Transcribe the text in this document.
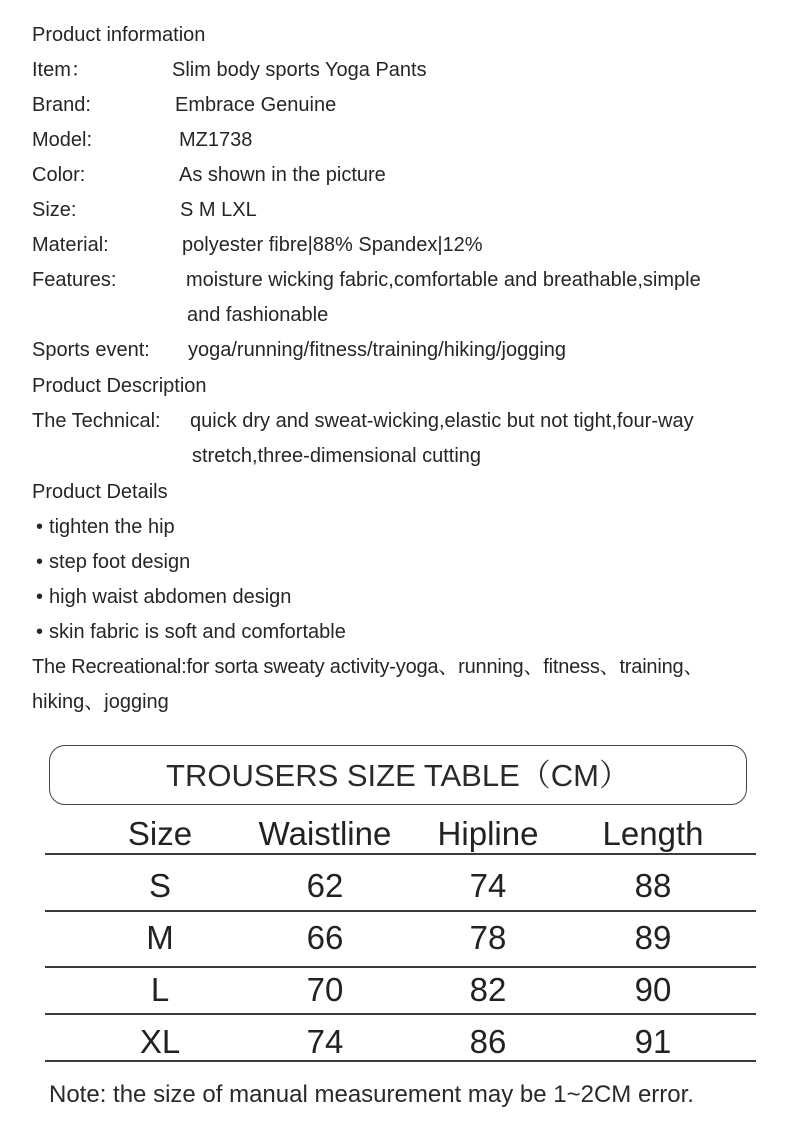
Product information
Item：	Slim body sports Yoga Pants
Brand:	Embrace Genuine
Model:	MZ1738
Color:	As shown in the picture
Size:	S M LXL
Material:	polyester fibre|88% Spandex|12%
Features:	moisture wicking fabric,comfortable and breathable,simple
and fashionable
Sports event: yoga/running/fitness/training/hiking/jogging
Product Description
The Technical: quick dry and sweat-wicking,elastic but not tight,four-way
stretch,three-dimensional cutting
Product Details
• tighten the hip
• step foot design
• high waist abdomen design
• skin fabric is soft and comfortable
The Recreational:for sorta sweaty activity-yoga、running、fitness、training、
hiking、jogging
TROUSERS SIZE TABLE（CM）
Size Waistline Hipline Length
S	62	74	88
M	66	78	89
L	70	82	90
XL	74	86	91
Note: the size of manual measurement may be 1~2CM error.
